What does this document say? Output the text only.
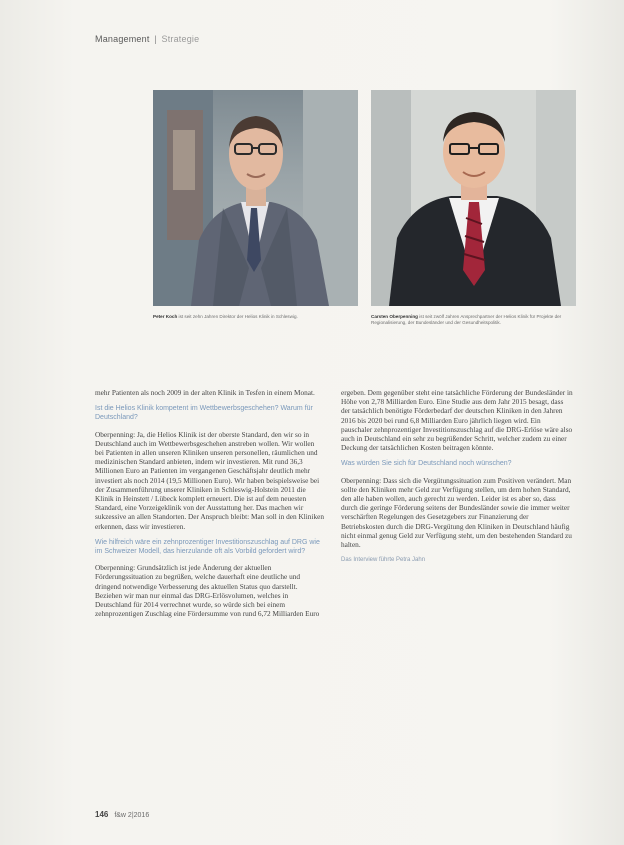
Management | Strategie
Peter Koch ist seit zehn Jahren Direktor der Helios Klinik in Schleswig.	Carsten Oberpenning ist seit zwölf Jahren Ansprechpartner der Helios Klinik für Projekte der Regionalisierung, der Bundesländer und der Gesundheitspolitik.

mehr Patienten als noch 2009 in der alten Klinik in Tesfen in einem Monat.

Ist die Helios Klinik kompetent im Wettbewerbsgeschehen? Warum für Deutschland?

Oberpenning: Ja, die Helios Klinik ist der oberste Standard, den wir so in Deutschland auch im Wettbewerbsgeschehen anstreben wollen. Wir wollen bei Patienten in allen unseren Kliniken unseren personellen, räumlichen und medizinischen Standard anbieten, indem wir investieren. Mit rund 36,3 Millionen Euro an Patienten im vergangenen Geschäftsjahr deutlich mehr investiert als noch 2014 (19,5 Millionen Euro). Wir haben beispielsweise bei der Zusammenführung unserer Kliniken in Schleswig-Holstein 2011 die Klinik in Heinstett / Lübeck komplett erneuert. Die ist auf dem neuesten Standard, eine Vorzeigeklinik von der Ausstattung her. Das machen wir sukzessive an allen Standorten. Der Anspruch bleibt: Man soll in den Kliniken erkennen, dass wir investieren.

Wie hilfreich wäre ein zehnprozentiger Investitionszuschlag auf DRG wie im Schweizer Modell, das hierzulande oft als Vorbild gefordert wird?

Oberpenning: Grundsätzlich ist jede Änderung der aktuellen Förderungssituation zu begrüßen, welche dauerhaft eine deutliche und dringend notwendige Verbesserung des aktuellen Status quo darstellt. Beziehen wir man nur einmal das DRG-Erlösvolumen, welches in Deutschland für 2014 verrechnet wurde, so würde sich bei einem zehnprozentigen Zuschlag eine Fördersumme von rund 6,72 Milliarden Euro

ergeben. Dem gegenüber steht eine tatsächliche Förderung der Bundesländer in Höhe von 2,78 Milliarden Euro. Eine Studie aus dem Jahr 2015 besagt, dass der tatsächlich benötigte Förderbedarf der deutschen Kliniken in den Jahren 2016 bis 2020 bei rund 6,8 Milliarden Euro jährlich liegen wird. Ein pauschaler zehnprozentiger Investitionszuschlag auf die DRG-Erlöse wäre also auch in Deutschland ein sehr zu begrüßender Schritt, welcher zudem zu einer Deckung der tatsächlichen Kosten beitragen könnte.

Was würden Sie sich für Deutschland noch wünschen?

Oberpenning: Dass sich die Vergütungssituation zum Positiven verändert. Man sollte den Kliniken mehr Geld zur Verfügung stellen, um dem hohen Standard, den alle haben wollen, auch gerecht zu werden. Leider ist es aber so, dass durch die geringe Förderung seitens der Bundesländer sowie die immer weiter verschärften Regelungen des Gesetzgebers zur Finanzierung der Betriebskosten durch die DRG-Vergütung den Kliniken in Deutschland häufig nicht einmal genug Geld zur Verfügung steht, um den bestehenden Standard zu halten.

Das Interview führte Petra Jahn

146 f&w 2|2016
